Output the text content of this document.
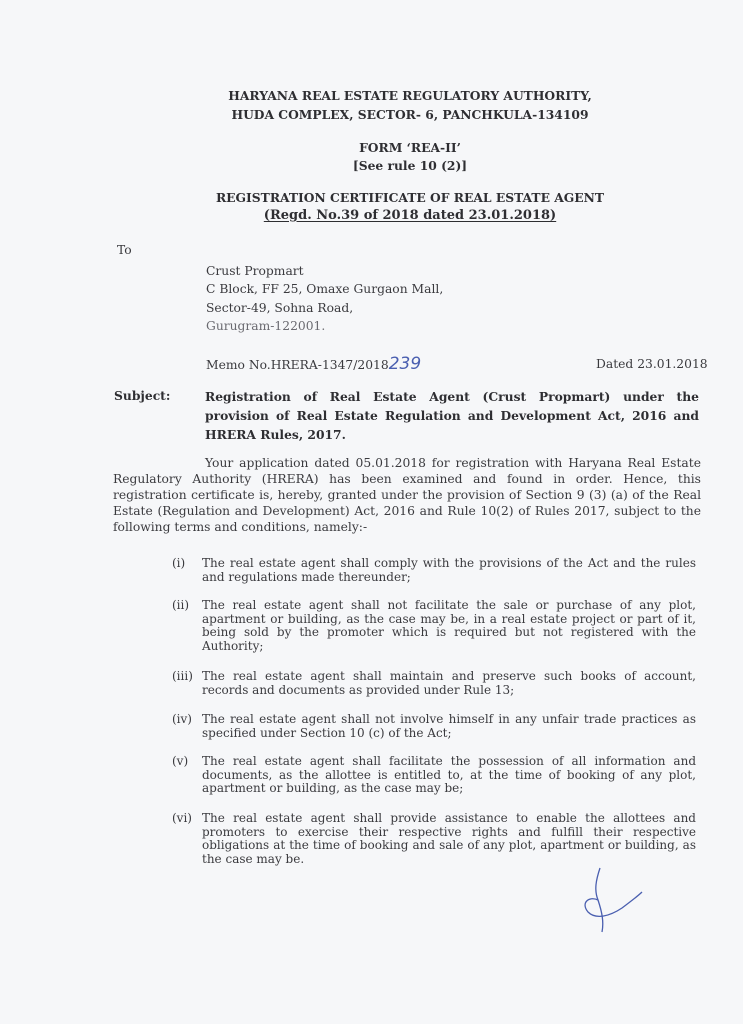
HARYANA REAL ESTATE REGULATORY AUTHORITY,
HUDA COMPLEX, SECTOR- 6, PANCHKULA-134109
FORM ‘REA-II’
[See rule 10 (2)]
REGISTRATION CERTIFICATE OF REAL ESTATE AGENT
(Regd. No.39 of 2018 dated 23.01.2018)
To
Crust Propmart
C Block, FF 25, Omaxe Gurgaon Mall,
Sector-49, Sohna Road,
Gurugram-122001.
Memo No.HRERA-1347/2018239	Dated 23.01.2018
Subject:	Registration of Real Estate Agent (Crust Propmart) under the provision of Real Estate Regulation and Development Act, 2016 and HRERA Rules, 2017.
Your application dated 05.01.2018 for registration with Haryana Real Estate Regulatory Authority (HRERA) has been examined and found in order. Hence, this registration certificate is, hereby, granted under the provision of Section 9 (3) (a) of the Real Estate (Regulation and Development) Act, 2016 and Rule 10(2) of Rules 2017, subject to the following terms and conditions, namely:-
(i)	The real estate agent shall comply with the provisions of the Act and the rules and regulations made thereunder;
(ii)	The real estate agent shall not facilitate the sale or purchase of any plot, apartment or building, as the case may be, in a real estate project or part of it, being sold by the promoter which is required but not registered with the Authority;
(iii) The real estate agent shall maintain and preserve such books of account, records and documents as provided under Rule 13;
(iv) The real estate agent shall not involve himself in any unfair trade practices as specified under Section 10 (c) of the Act;
(v)	The real estate agent shall facilitate the possession of all information and documents, as the allottee is entitled to, at the time of booking of any plot, apartment or building, as the case may be;
(vi) The real estate agent shall provide assistance to enable the allottees and promoters to exercise their respective rights and fulfill their respective obligations at the time of booking and sale of any plot, apartment or building, as the case may be.
